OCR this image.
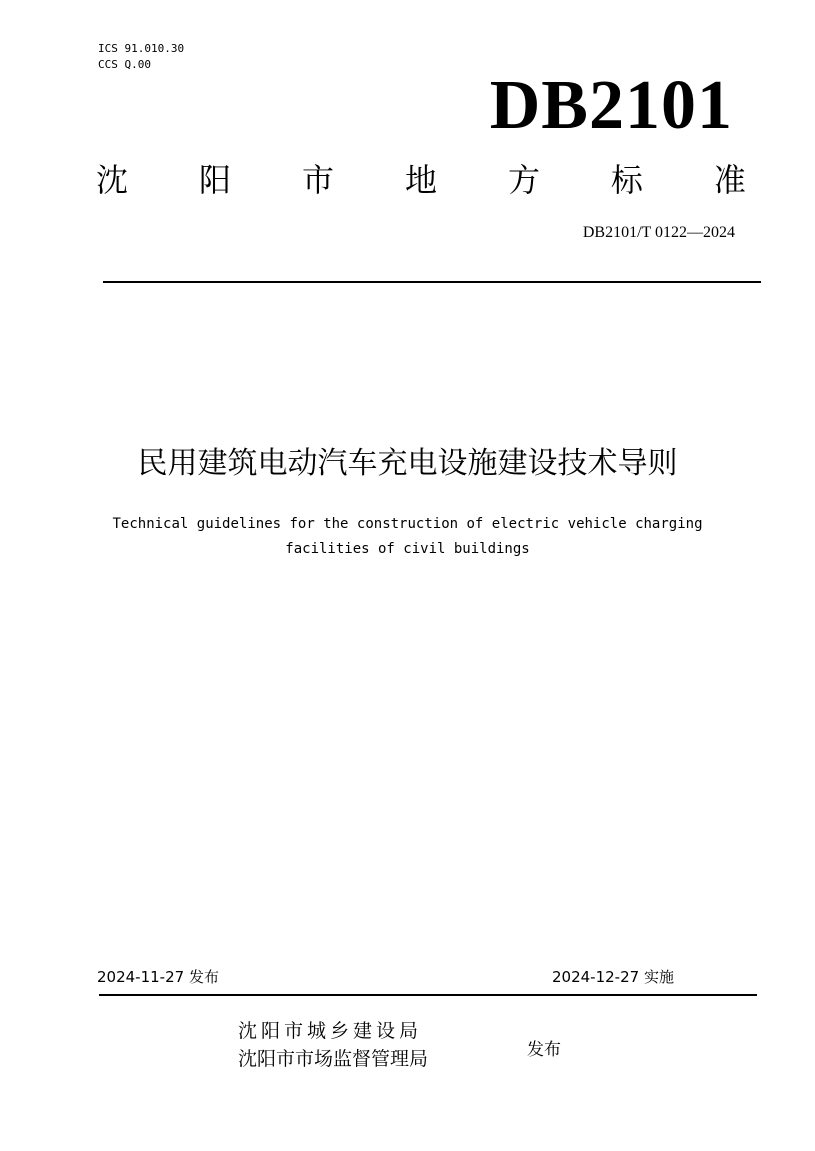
ICS 91.010.30
CCS Q.00
DB2101
沈 阳 市 地 方 标 准
DB2101/T 0122—2024
民用建筑电动汽车充电设施建设技术导则
Technical guidelines for the construction of electric vehicle charging
facilities of civil buildings
2024-11-27 发布	2024-12-27 实施
沈阳市城乡建设局
沈阳市市场监督管理局	发布
